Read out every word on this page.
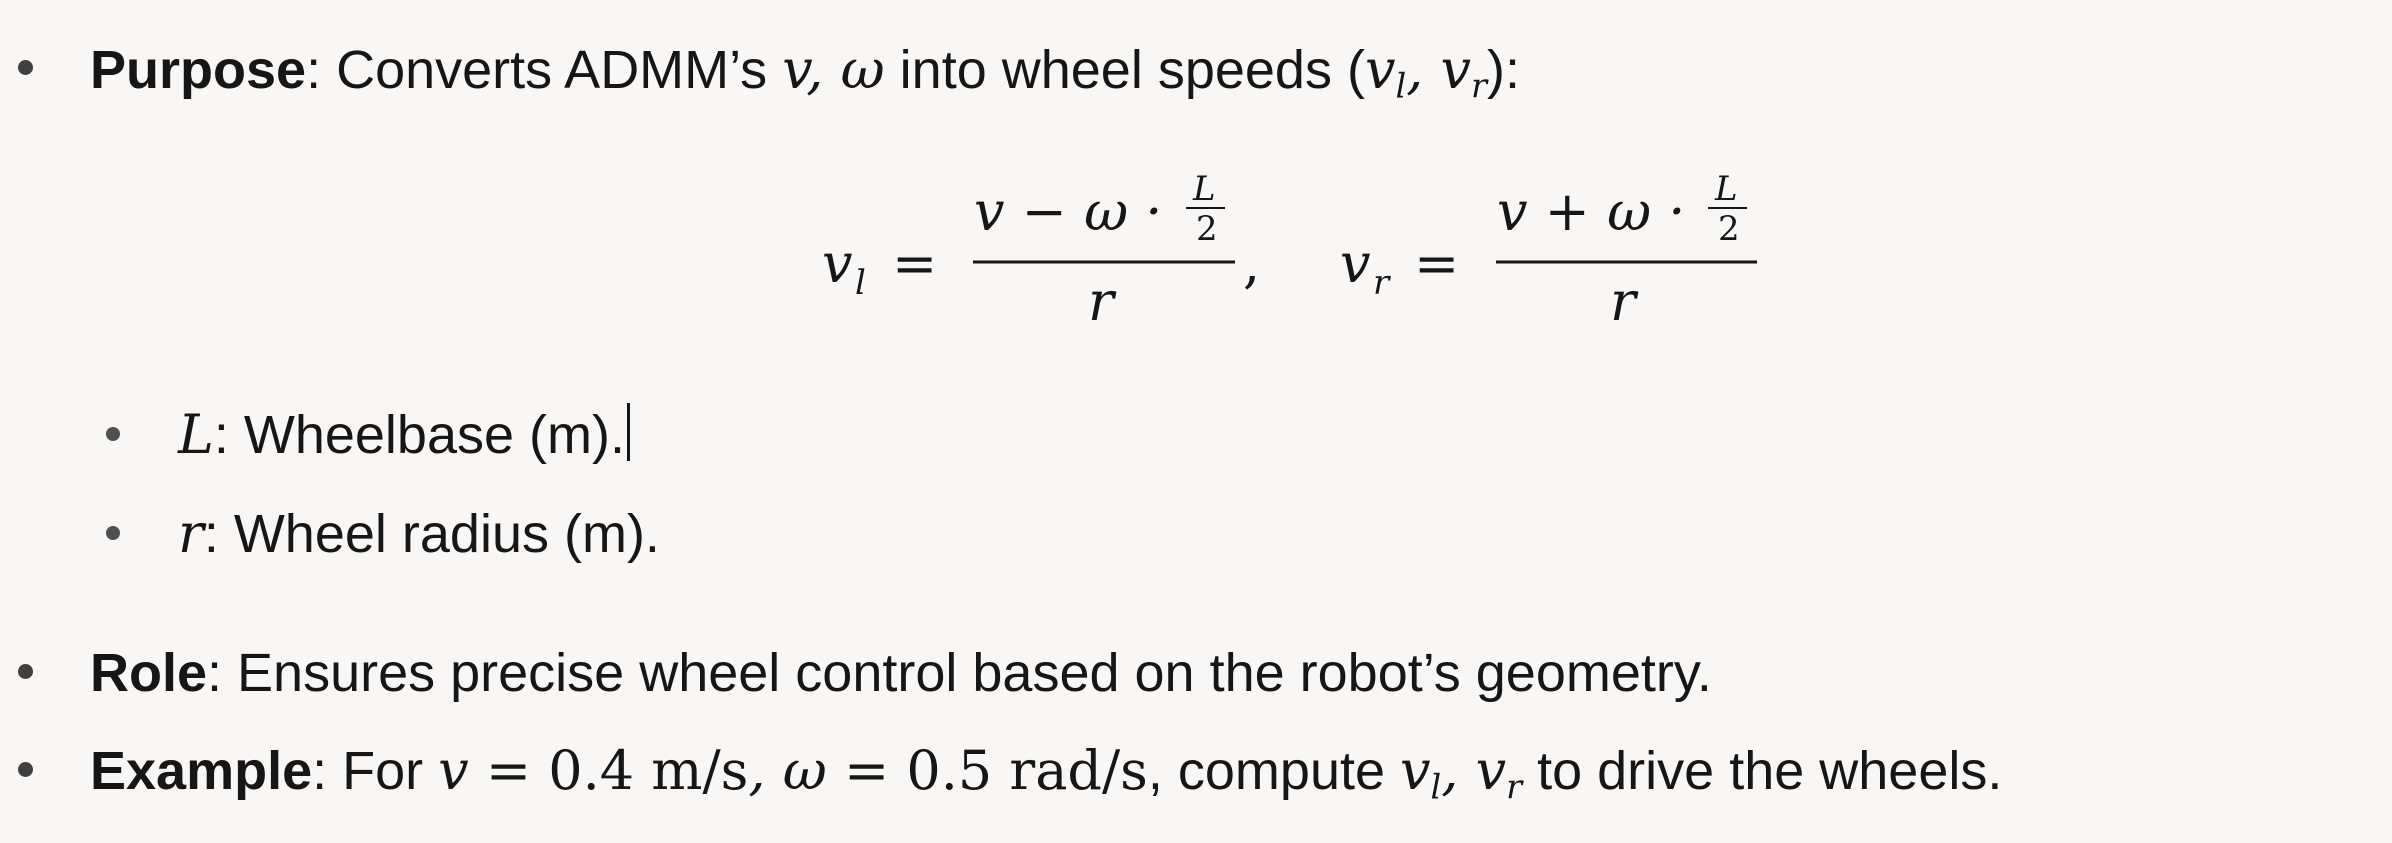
Purpose: Converts ADMM’s v, ω into wheel speeds ($v_l$, $v_r$):
v l =
v − ω · L
2
r
, v r =
v + ω · L
2
r
L: Wheelbase (m).
r: Wheel radius (m).
Role: Ensures precise wheel control based on the robot’s geometry.
Example: For v = 0.4 m/s, ω = 0.5 rad/s, compute $v_l$, $v_r$ to drive the wheels.
